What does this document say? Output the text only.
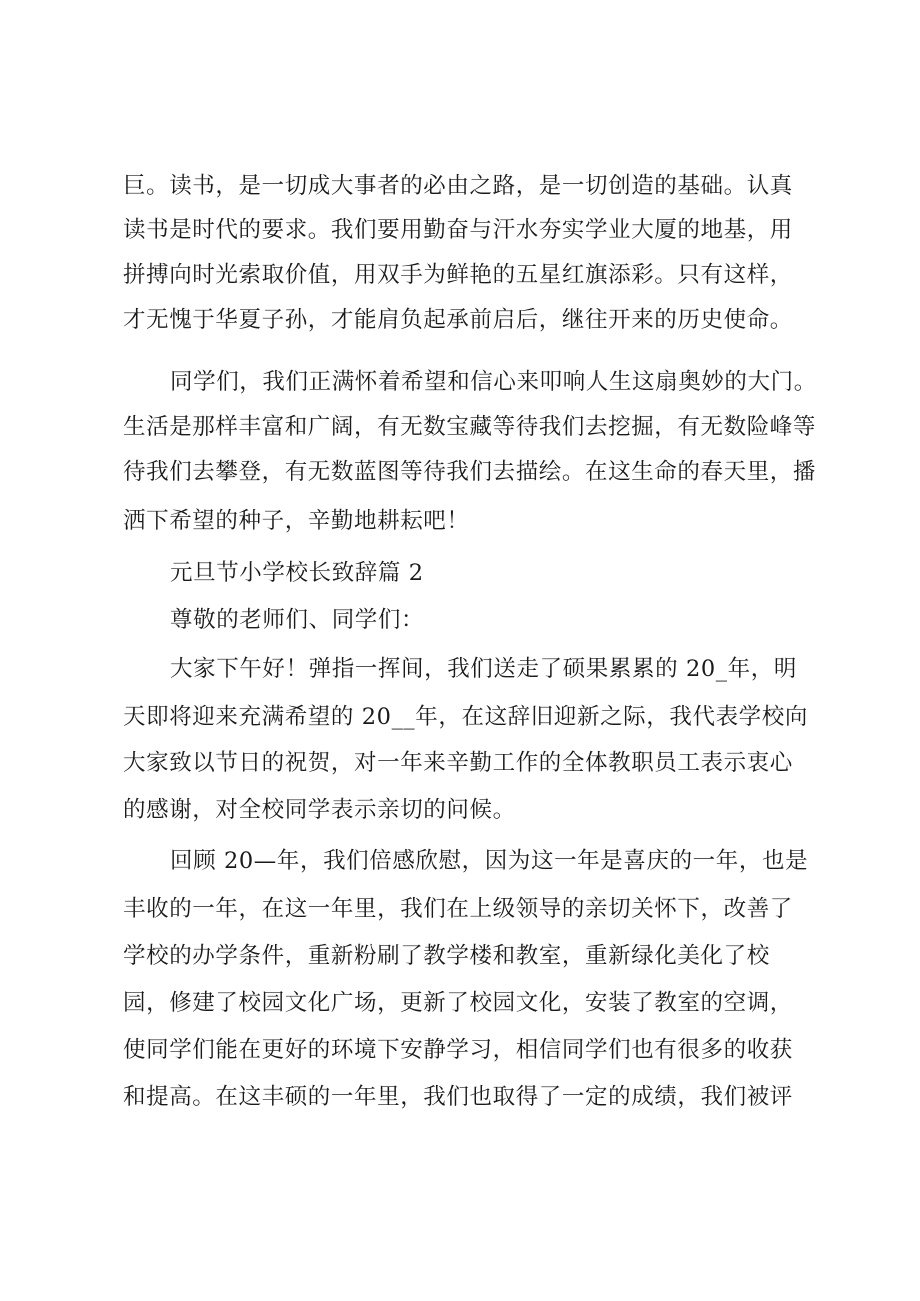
巨。读书，是一切成大事者的必由之路，是一切创造的基础。认真
读书是时代的要求。我们要用勤奋与汗水夯实学业大厦的地基，用
拼搏向时光索取价值，用双手为鲜艳的五星红旗添彩。只有这样，
才无愧于华夏子孙，才能肩负起承前启后，继往开来的历史使命。
同学们，我们正满怀着希望和信心来叩响人生这扇奥妙的大门。
生活是那样丰富和广阔，有无数宝藏等待我们去挖掘，有无数险峰等
待我们去攀登，有无数蓝图等待我们去描绘。在这生命的春天里，播
洒下希望的种子，辛勤地耕耘吧！
元旦节小学校长致辞篇 2
尊敬的老师们、同学们：
大家下午好！弹指一挥间，我们送走了硕果累累的 20_年，明
天即将迎来充满希望的 20__年，在这辞旧迎新之际，我代表学校向
大家致以节日的祝贺，对一年来辛勤工作的全体教职员工表示衷心
的感谢，对全校同学表示亲切的问候。
回顾 20—年，我们倍感欣慰，因为这一年是喜庆的一年，也是
丰收的一年，在这一年里，我们在上级领导的亲切关怀下，改善了
学校的办学条件，重新粉刷了教学楼和教室，重新绿化美化了校
园，修建了校园文化广场，更新了校园文化，安装了教室的空调，
使同学们能在更好的环境下安静学习，相信同学们也有很多的收获
和提高。在这丰硕的一年里，我们也取得了一定的成绩，我们被评
